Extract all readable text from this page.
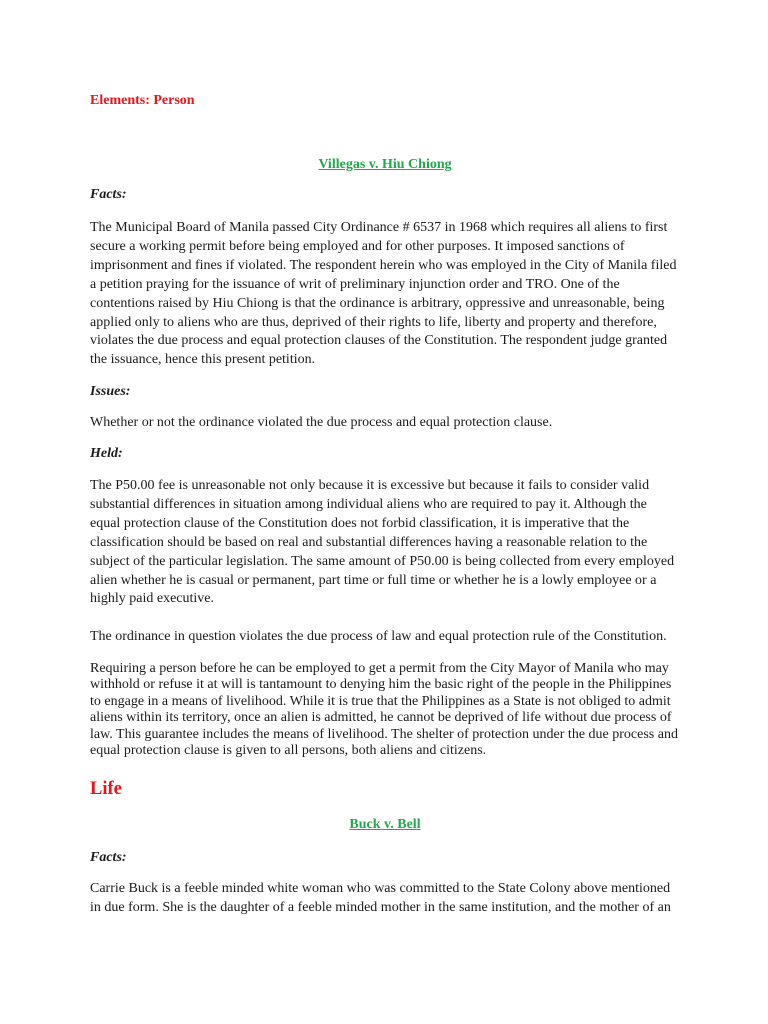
Elements: Person
Villegas v. Hiu Chiong
Facts:

The Municipal Board of Manila passed City Ordinance # 6537 in 1968 which requires all aliens to first secure a working permit before being employed and for other purposes. It imposed sanctions of imprisonment and fines if violated. The respondent herein who was employed in the City of Manila filed a petition praying for the issuance of writ of preliminary injunction order and TRO. One of the contentions raised by Hiu Chiong is that the ordinance is arbitrary, oppressive and unreasonable, being applied only to aliens who are thus, deprived of their rights to life, liberty and property and therefore, violates the due process and equal protection clauses of the Constitution. The respondent judge granted the issuance, hence this present petition.

Issues:

Whether or not the ordinance violated the due process and equal protection clause.

Held:

The P50.00 fee is unreasonable not only because it is excessive but because it fails to consider valid substantial differences in situation among individual aliens who are required to pay it. Although the equal protection clause of the Constitution does not forbid classification, it is imperative that the classification should be based on real and substantial differences having a reasonable relation to the subject of the particular legislation. The same amount of P50.00 is being collected from every employed alien whether he is casual or permanent, part time or full time or whether he is a lowly employee or a highly paid executive.

The ordinance in question violates the due process of law and equal protection rule of the Constitution.

Requiring a person before he can be employed to get a permit from the City Mayor of Manila who may withhold or refuse it at will is tantamount to denying him the basic right of the people in the Philippines to engage in a means of livelihood. While it is true that the Philippines as a State is not obliged to admit aliens within its territory, once an alien is admitted, he cannot be deprived of life without due process of law. This guarantee includes the means of livelihood. The shelter of protection under the due process and equal protection clause is given to all persons, both aliens and citizens.

Life
Buck v. Bell
Facts:

Carrie Buck is a feeble minded white woman who was committed to the State Colony above mentioned in due form. She is the daughter of a feeble minded mother in the same institution, and the mother of an
